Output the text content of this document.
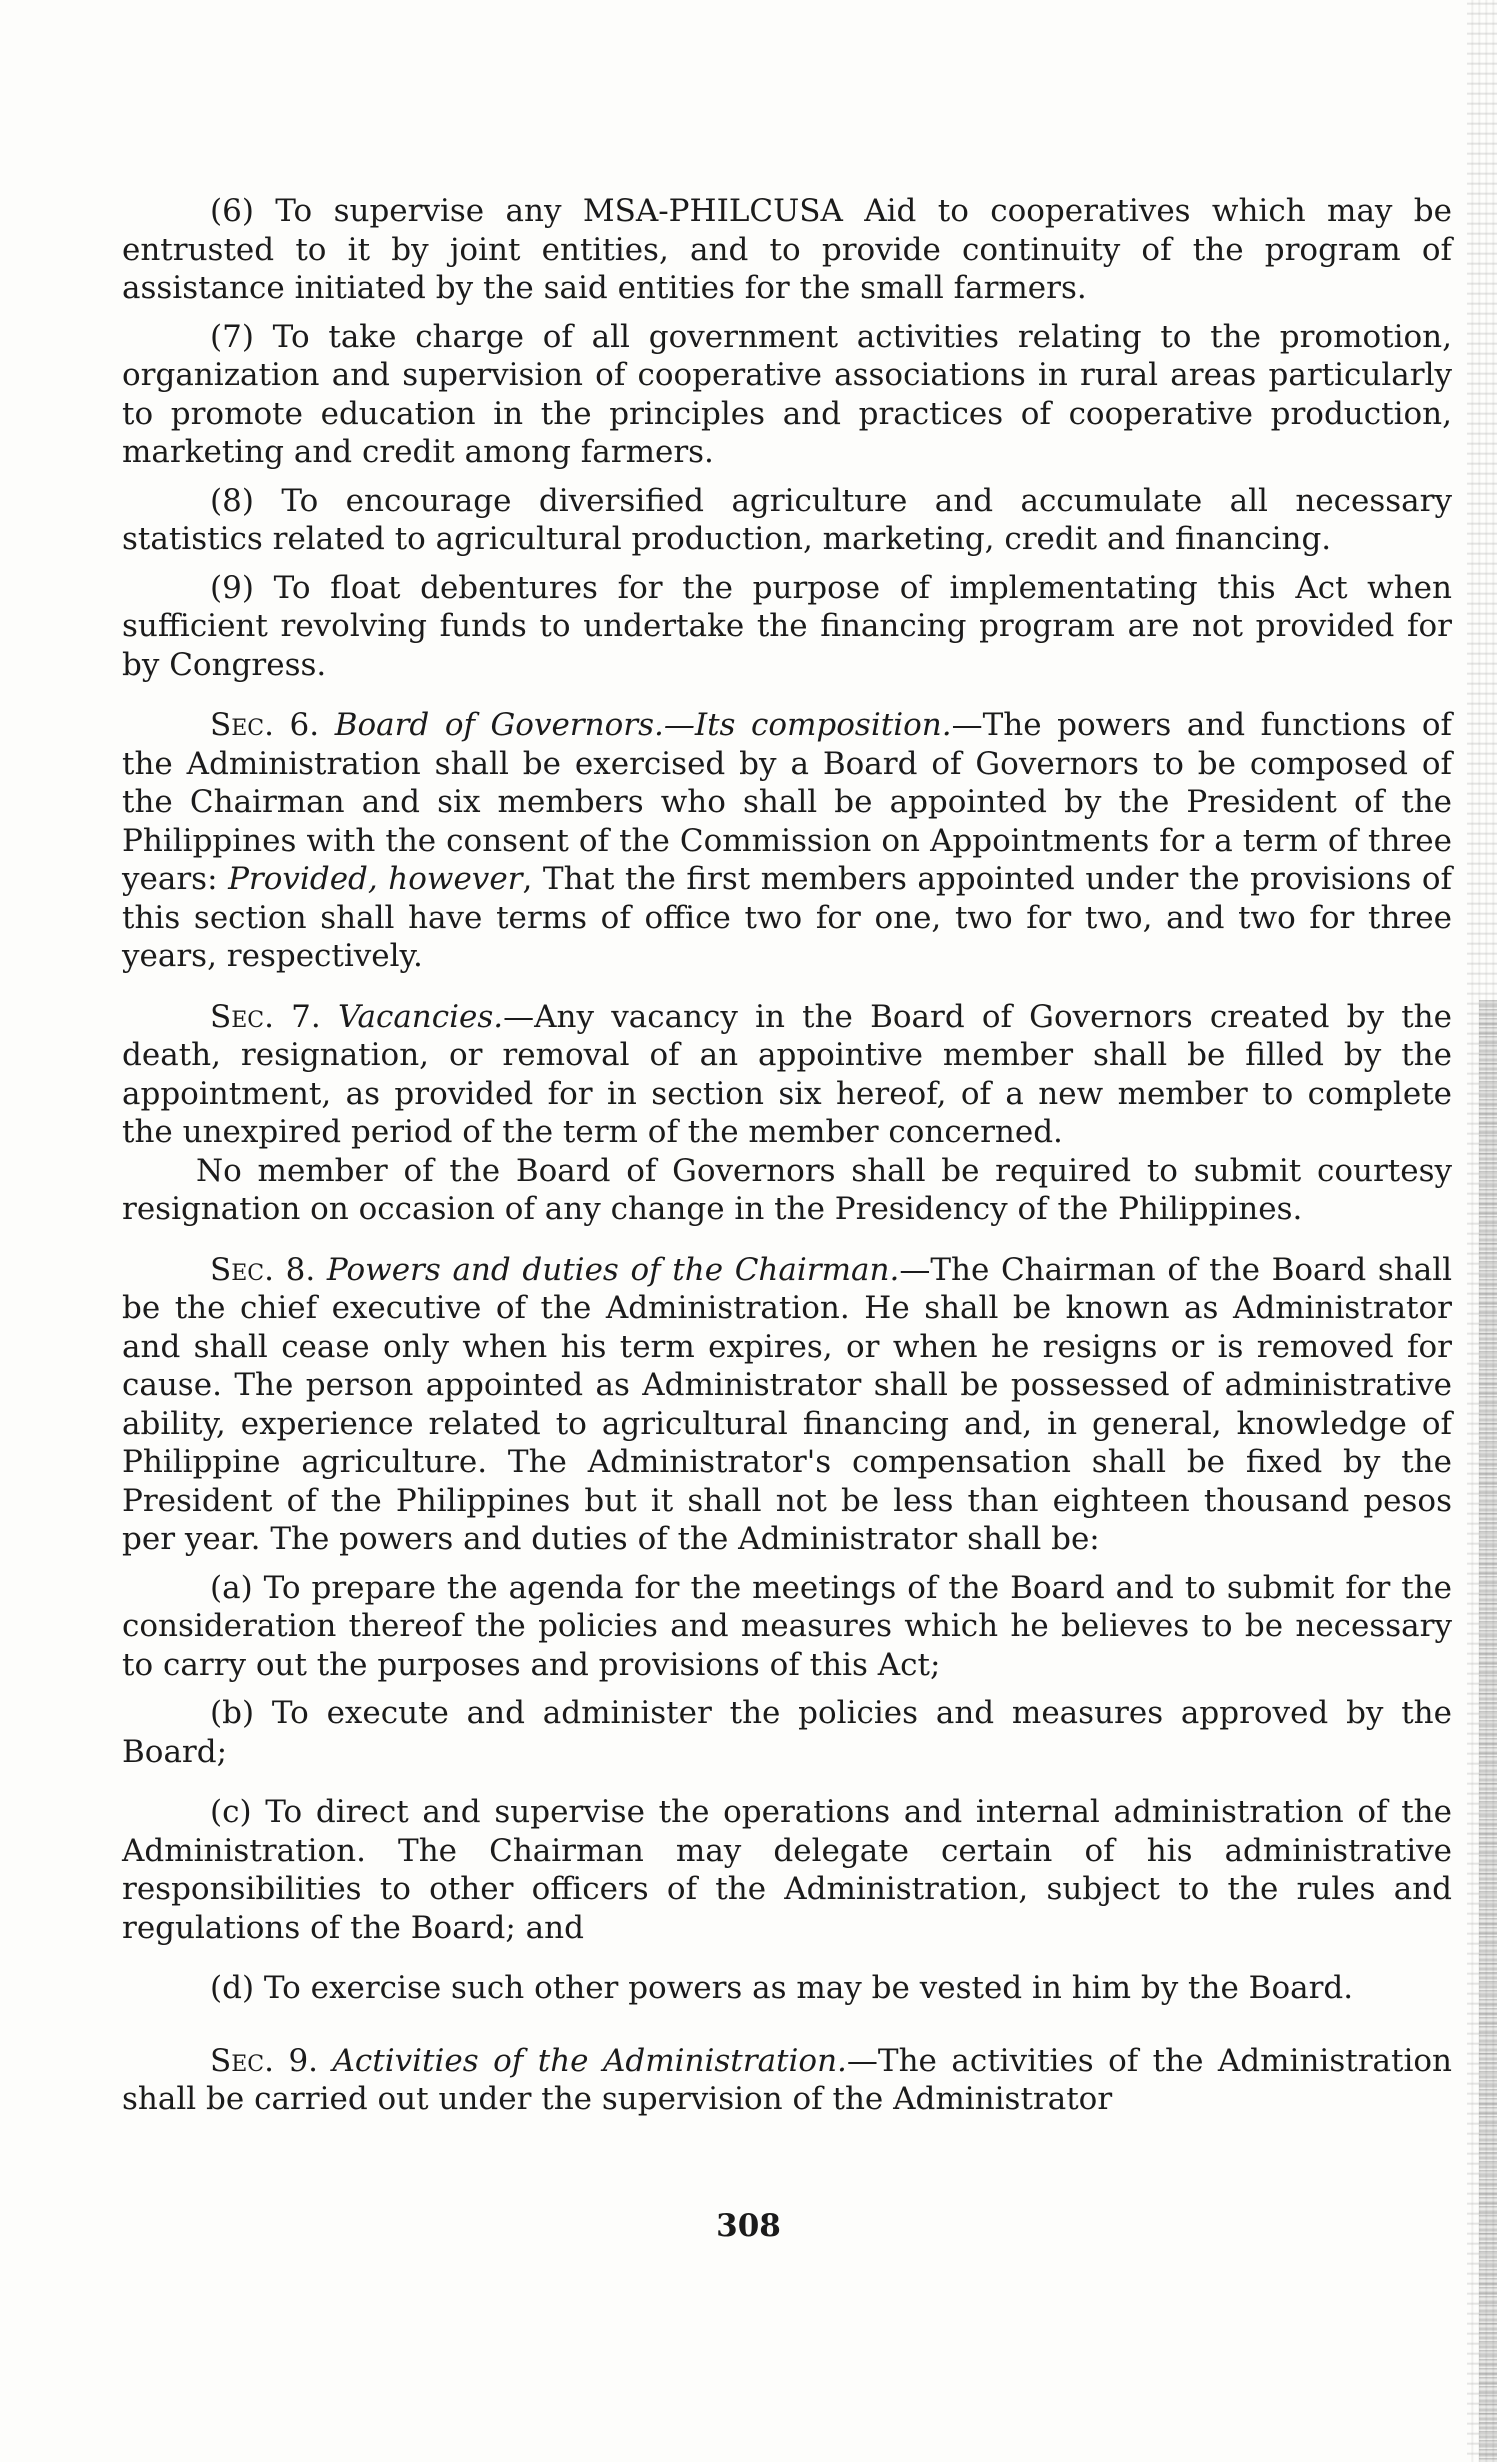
(6) To supervise any MSA-PHILCUSA Aid to cooperatives which may be entrusted to it by joint entities, and to provide continuity of the program of assistance initiated by the said entities for the small farmers.

(7) To take charge of all government activities relating to the promotion, organization and supervision of cooperative associations in rural areas particularly to promote education in the principles and practices of cooperative production, marketing and credit among farmers.

(8) To encourage diversified agriculture and accumulate all necessary statistics related to agricultural production, marketing, credit and financing.

(9) To float debentures for the purpose of implementating this Act when sufficient revolving funds to undertake the financing program are not provided for by Congress.

Sec. 6. Board of Governors.—Its composition.—The powers and functions of the Administration shall be exercised by a Board of Governors to be composed of the Chairman and six members who shall be appointed by the President of the Philippines with the consent of the Commission on Appointments for a term of three years: Provided, however, That the first members appointed under the provisions of this section shall have terms of office two for one, two for two, and two for three years, respectively.

Sec. 7. Vacancies.—Any vacancy in the Board of Governors created by the death, resignation, or removal of an appointive member shall be filled by the appointment, as provided for in section six hereof, of a new member to complete the unexpired period of the term of the member concerned.

No member of the Board of Governors shall be required to submit courtesy resignation on occasion of any change in the Presidency of the Philippines.

Sec. 8. Powers and duties of the Chairman.—The Chairman of the Board shall be the chief executive of the Administration. He shall be known as Administrator and shall cease only when his term expires, or when he resigns or is removed for cause. The person appointed as Administrator shall be possessed of administrative ability, experience related to agricultural financing and, in general, knowledge of Philippine agriculture. The Administrator's compensation shall be fixed by the President of the Philippines but it shall not be less than eighteen thousand pesos per year. The powers and duties of the Administrator shall be:

(a) To prepare the agenda for the meetings of the Board and to submit for the consideration thereof the policies and measures which he believes to be necessary to carry out the purposes and provisions of this Act;

(b) To execute and administer the policies and measures approved by the Board;

(c) To direct and supervise the operations and internal administration of the Administration. The Chairman may delegate certain of his administrative responsibilities to other officers of the Administration, subject to the rules and regulations of the Board; and

(d) To exercise such other powers as may be vested in him by the Board.

Sec. 9. Activities of the Administration.—The activities of the Administration shall be carried out under the supervision of the Administrator

308
